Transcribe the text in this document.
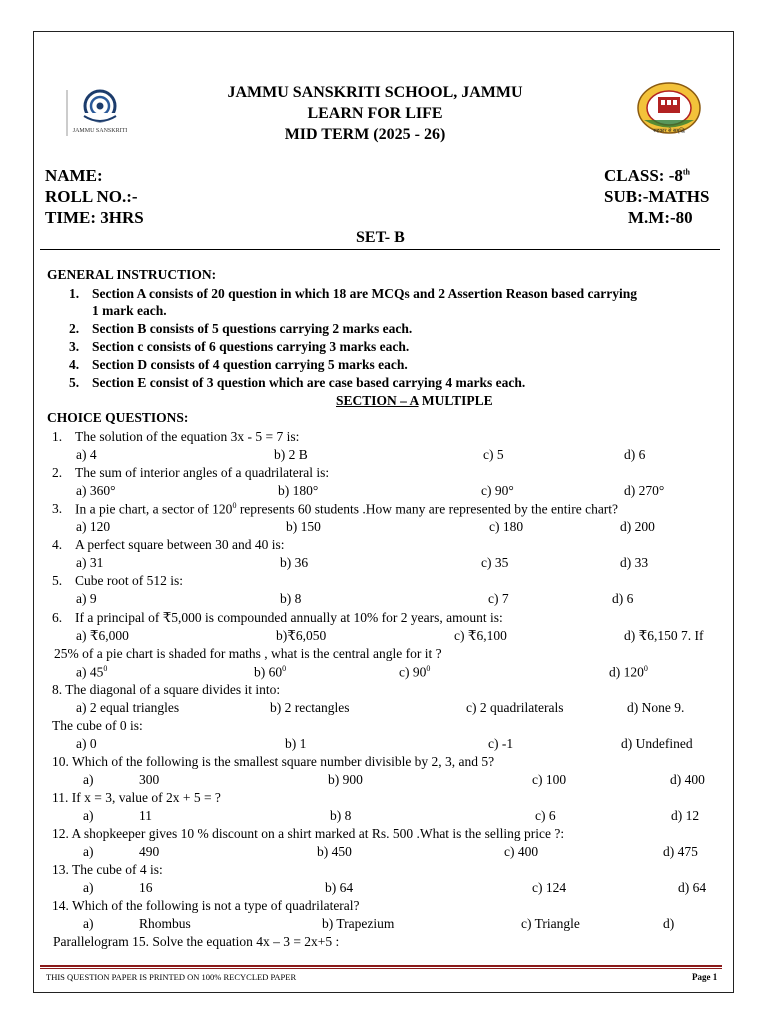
JAMMU SANSKRITI	सहकार से समृद्धि
JAMMU SANSKRITI SCHOOL, JAMMU
LEARN FOR LIFE
MID TERM (2025 - 26)
NAME:	CLASS: -8th
ROLL NO.:-	SUB:-MATHS
TIME: 3HRS	M.M:-80
SET- B
GENERAL INSTRUCTION:
1. Section A consists of 20 question in which 18 are MCQs and 2 Assertion Reason based carrying
1 mark each.
2. Section B consists of 5 questions carrying 2 marks each.
3. Section c consists of 6 questions carrying 3 marks each.
4. Section D consists of 4 question carrying 5 marks each.
5. Section E consist of 3 question which are case based carrying 4 marks each.
SECTION – A MULTIPLE
CHOICE QUESTIONS:
1. The solution of the equation 3x - 5 = 7 is:
a) 4	b) 2 B	c) 5	d) 6
2. The sum of interior angles of a quadrilateral is:
a) 360°	b) 180°	c) 90°	d) 270°
3. In a pie chart, a sector of $120^0$ represents 60 students .How many are represented by the entire chart?
a) 120	b) 150	c) 180	d) 200
4. A perfect square between 30 and 40 is:
a) 31	b) 36	c) 35	d) 33
5. Cube root of 512 is:
a) 9	b) 8	c) 7	d) 6
6. If a principal of ₹5,000 is compounded annually at 10% for 2 years, amount is:
a) ₹6,000	b)₹6,050	c) ₹6,100	d) ₹6,150 7. If
25% of a pie chart is shaded for maths , what is the central angle for it ?
a) $45^0$	b) $60^0$	c) $90^0$	d) $120^0$
8. The diagonal of a square divides it into:
a) 2 equal triangles	b) 2 rectangles	c) 2 quadrilaterals	d) None 9.
The cube of 0 is:
a) 0	b) 1	c) -1	d) Undefined
10. Which of the following is the smallest square number divisible by 2, 3, and 5?
a)	300	b) 900	c) 100	d) 400
11. If x = 3, value of 2x + 5 = ?
a)	11	b) 8	c) 6	d) 12
12. A shopkeeper gives 10 % discount on a shirt marked at Rs. 500 .What is the selling price ?:
a)	490	b) 450	c) 400	d) 475
13. The cube of 4 is:
a)	16	b) 64	c) 124	d) 64
14. Which of the following is not a type of quadrilateral?
a)	Rhombus	b) Trapezium	c) Triangle	d)
Parallelogram 15. Solve the equation 4x – 3 = 2x+5 :
THIS QUESTION PAPER IS PRINTED ON 100% RECYCLED PAPER	Page 1
